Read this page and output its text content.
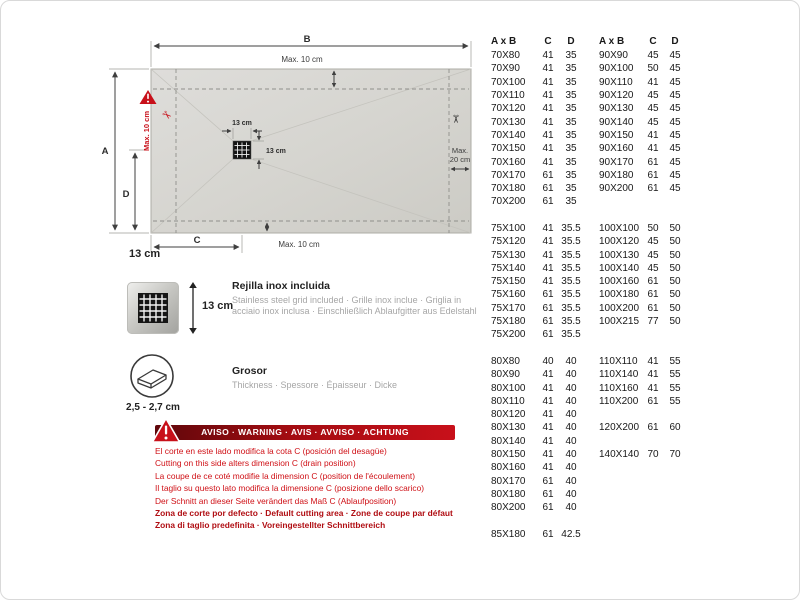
B
Max. 10 cm
A
D
C	Max. 10 cm
Max.
20 cm
Max. 10 cm ✂	✂
13 cm
13 cm
13 cm
13 cm
Rejilla inox incluida
Stainless steel grid included · Grille inox inclue · Griglia in acciaio inox inclusa · Einschließlich Ablaufgitter aus Edelstahl
2,5 - 2,7 cm
Grosor
Thickness · Spessore · Épaisseur · Dicke
AVISO · WARNING · AVIS · AVVISO · ACHTUNG
El corte en este lado modifica la cota C (posición del desagüe)
Cutting on this side alters dimension C (drain position)
La coupe de ce coté modifie la dimension C (position de l'écoulement)
Il taglio su questo lato modifica la dimensione C (posizione dello scarico)
Der Schnitt an dieser Seite verändert das Maß C (Ablaufposition)
Zona de corte por defecto · Default cutting area · Zone de coupe par défaut
Zona di taglio predefinita · Voreingestellter Schnittbereich
A x B	C	D	A x B	C	D
70X80	41	35	90X90	45	45
70X90	41	35	90X100	50	45
70X100	41	35	90X110	41	45
70X110	41	35	90X120	45	45
70X120	41	35	90X130	45	45
70X130	41	35	90X140	45	45
70X140	41	35	90X150	41	45
70X150	41	35	90X160	41	45
70X160	41	35	90X170	61	45
70X170	61	35	90X180	61	45
70X180	61	35	90X200	61	45
70X200	61	35
75X100	41 35.5	100X100 50	50
75X120	41 35.5	100X120 45	50
75X130	41 35.5	100X130 45	50
75X140	41 35.5	100X140 45	50
75X150	41 35.5	100X160 61	50
75X160	61 35.5	100X180 61	50
75X170	61 35.5	100X200 61	50
75X180	61 35.5	100X215 77	50
75X200	61 35.5
80X80	40	40	110X110 41	55
80X90	41	40	110X140 41	55
80X100	41	40	110X160 41	55
80X110	41	40	110X200 61	55
80X120	41	40
80X130	41	40	120X200 61	60
80X140	41	40
80X150	41	40	140X140 70	70
80X160	41	40
80X170	61	40
80X180	61	40
80X200	61	40
85X180	61 42.5
